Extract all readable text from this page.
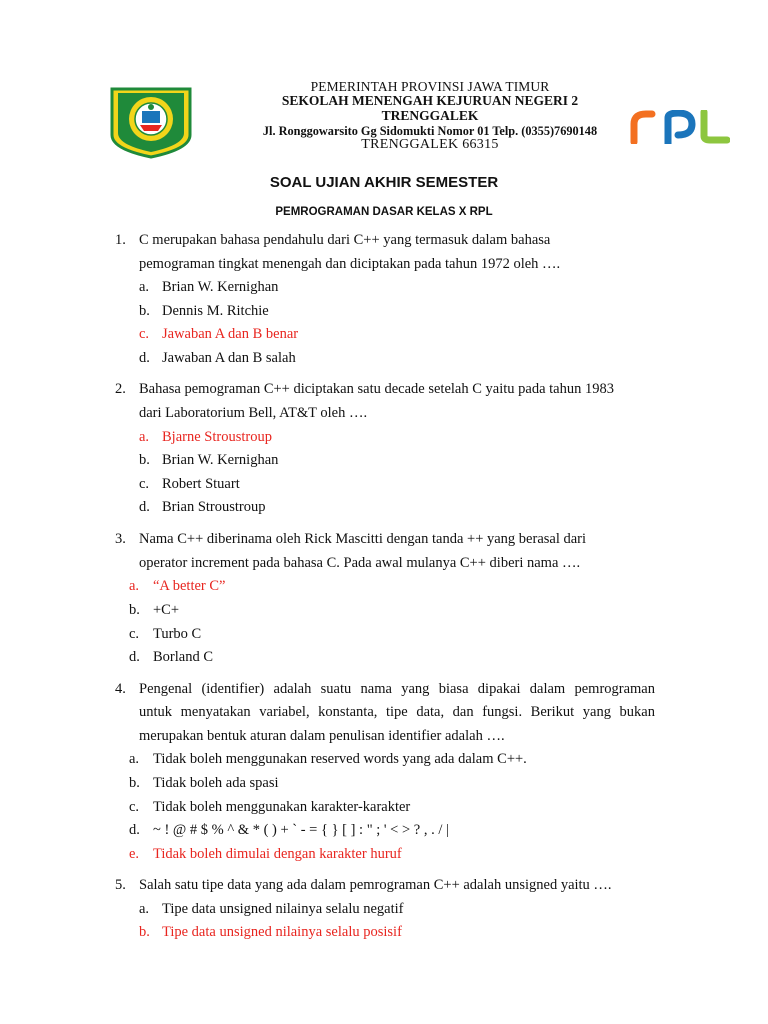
PEMERINTAH PROVINSI JAWA TIMUR
SEKOLAH MENENGAH KEJURUAN NEGERI 2
TRENGGALEK
Jl. Ronggowarsito Gg Sidomukti Nomor 01 Telp. (0355)7690148
TRENGGALEK 66315
SOAL UJIAN AKHIR SEMESTER
PEMROGRAMAN DASAR KELAS X RPL
1. C merupakan bahasa pendahulu dari C++ yang termasuk dalam bahasa
pemograman tingkat menengah dan diciptakan pada tahun 1972 oleh ….
a. Brian W. Kernighan
b. Dennis M. Ritchie
c. Jawaban A dan B benar
d. Jawaban A dan B salah
2. Bahasa pemograman C++ diciptakan satu decade setelah C yaitu pada tahun 1983
dari Laboratorium Bell, AT&T oleh ….
a. Bjarne Stroustroup
b. Brian W. Kernighan
c. Robert Stuart
d. Brian Stroustroup
3. Nama C++ diberinama oleh Rick Mascitti dengan tanda ++ yang berasal dari
operator increment pada bahasa C. Pada awal mulanya C++ diberi nama ….
a. “A better C”
b. +C+
c. Turbo C
d. Borland C
4. Pengenal (identifier) adalah suatu nama yang biasa dipakai dalam pemrograman
untuk menyatakan variabel, konstanta, tipe data, dan fungsi. Berikut yang bukan
merupakan bentuk aturan dalam penulisan identifier adalah ….
a. Tidak boleh menggunakan reserved words yang ada dalam C++.
b. Tidak boleh ada spasi
c. Tidak boleh menggunakan karakter-karakter
d. ~ ! @ # $ % ^ & * ( ) + ` - = { } [ ] : " ; ' < > ? , . / |
e. Tidak boleh dimulai dengan karakter huruf
5. Salah satu tipe data yang ada dalam pemrograman C++ adalah unsigned yaitu ….
a. Tipe data unsigned nilainya selalu negatif
b. Tipe data unsigned nilainya selalu posisif
